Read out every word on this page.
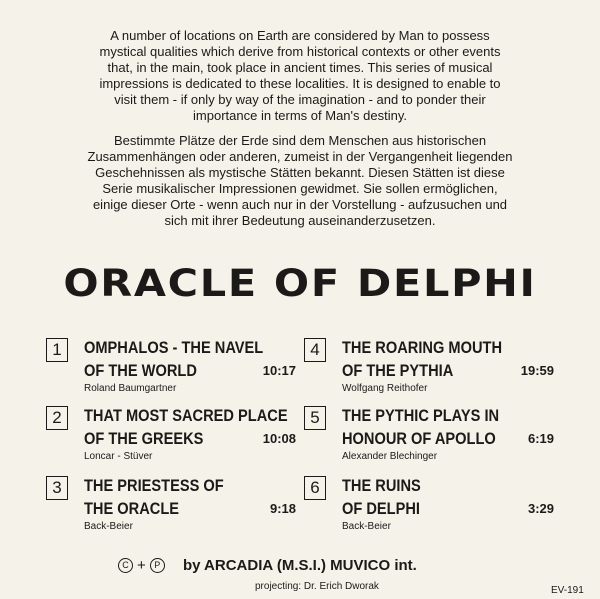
A number of locations on Earth are considered by Man to possess
mystical qualities which derive from historical contexts or other events
that, in the main, took place in ancient times. This series of musical
impressions is dedicated to these localities. It is designed to enable to
visit them - if only by way of the imagination - and to ponder their
importance in terms of Man's destiny.
Bestimmte Plätze der Erde sind dem Menschen aus historischen
Zusammenhängen oder anderen, zumeist in der Vergangenheit liegenden
Geschehnissen als mystische Stätten bekannt. Diesen Stätten ist diese
Serie musikalischer Impressionen gewidmet. Sie sollen ermöglichen,
einige dieser Orte - wenn auch nur in der Vorstellung - aufzusuchen und
sich mit ihrer Bedeutung auseinanderzusetzen.
ORACLE OF DELPHI
1	OMPHALOS - THE NAVEL
OF THE WORLD	10:17
Roland Baumgartner
2	THAT MOST SACRED PLACE
OF THE GREEKS	10:08
Loncar - Stüver
3	THE PRIESTESS OF
THE ORACLE	9:18
Back-Beier
4	THE ROARING MOUTH
OF THE PYTHIA	19:59
Wolfgang Reithofer
5	THE PYTHIC PLAYS IN
HONOUR OF APOLLO 6:19
Alexander Blechinger
6	THE RUINS
OF DELPHI	3:29
Back-Beier
C + P by ARCADIA (M.S.I.) MUVICO int.
projecting: Dr. Erich Dworak	EV-191
